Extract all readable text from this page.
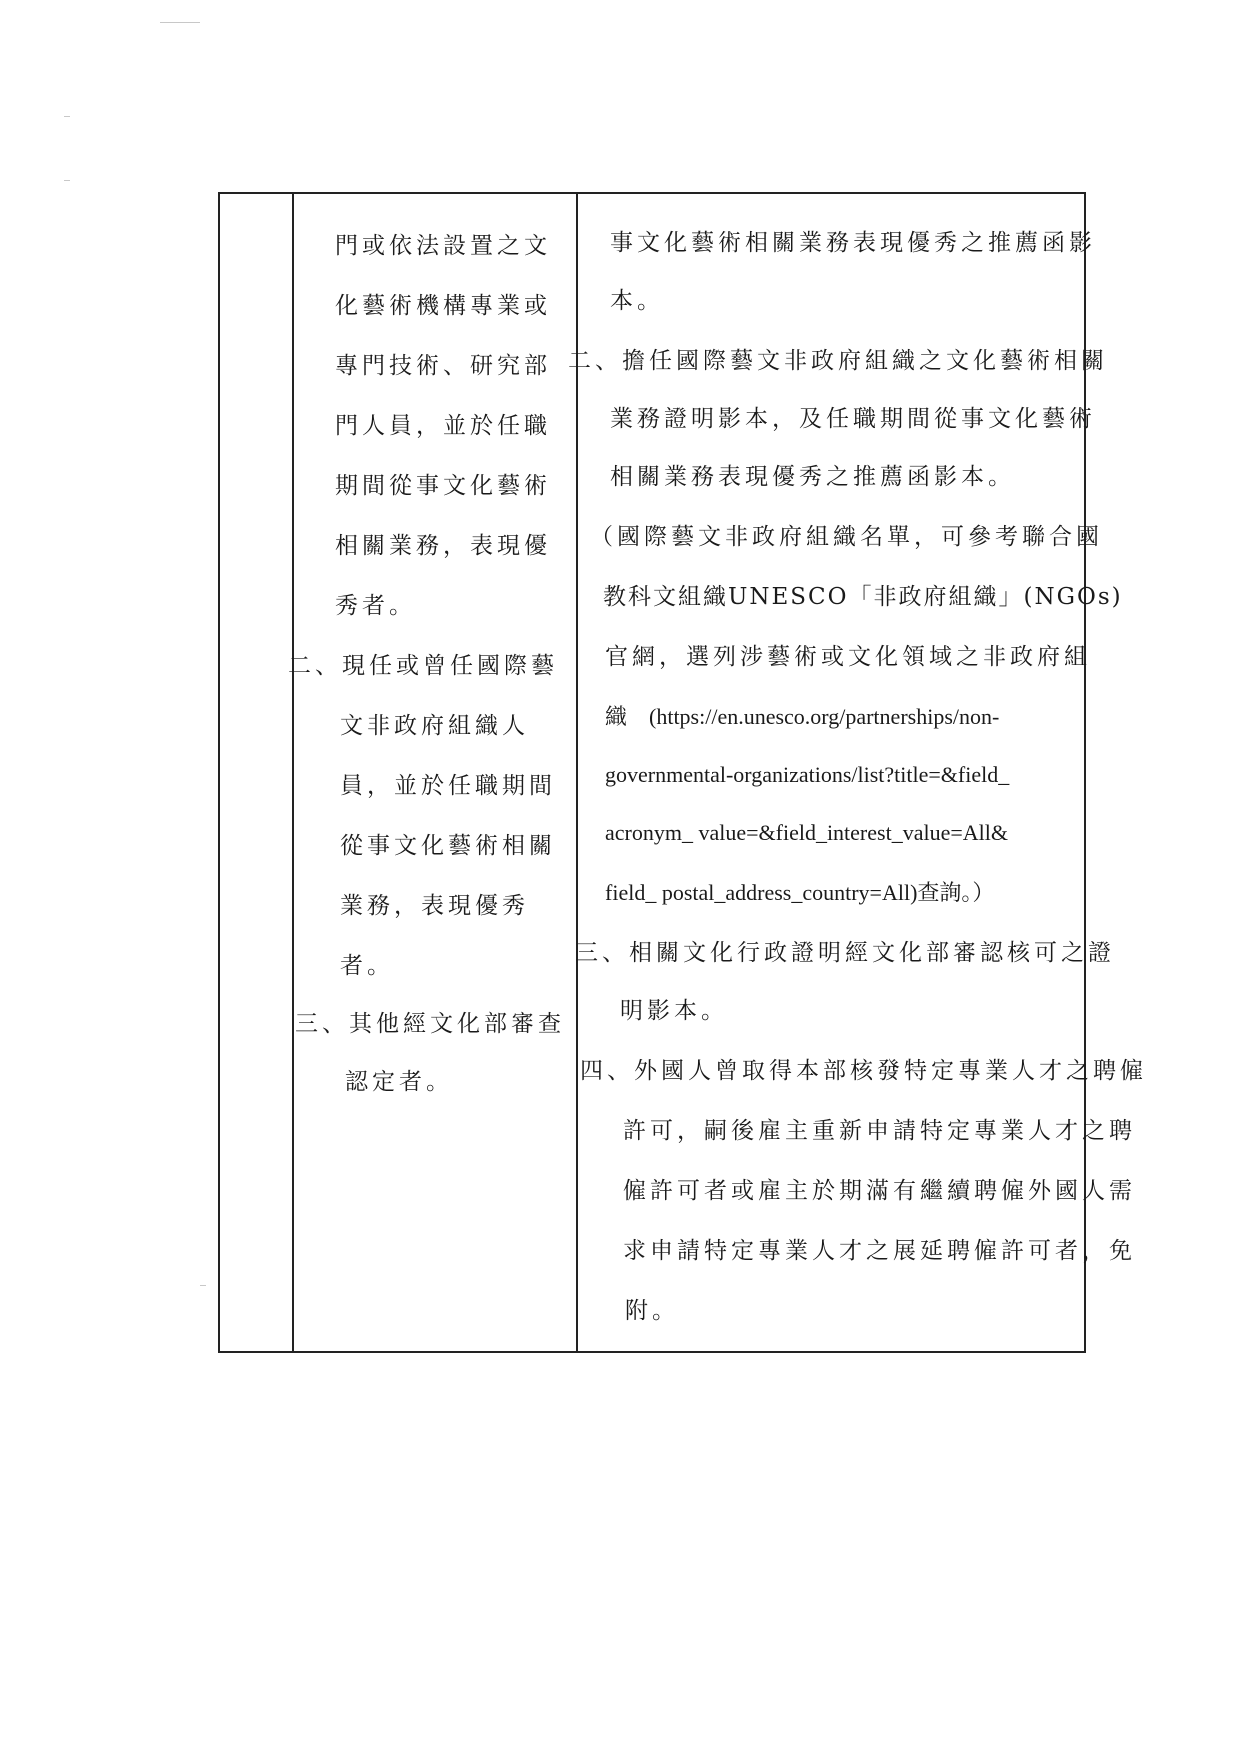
門或依法設置之文
化藝術機構專業或
專門技術、研究部
門人員，並於任職
期間從事文化藝術
相關業務，表現優
秀者。
二、現任或曾任國際藝
文非政府組織人
員，並於任職期間
從事文化藝術相關
業務，表現優秀
者。
三、其他經文化部審查
認定者。
事文化藝術相關業務表現優秀之推薦函影
本。
二、擔任國際藝文非政府組織之文化藝術相關
業務證明影本，及任職期間從事文化藝術
相關業務表現優秀之推薦函影本。
（國際藝文非政府組織名單，可參考聯合國
教科文組織UNESCO「非政府組織」(NGOs)
官網，選列涉藝術或文化領域之非政府組
織　(https://en.unesco.org/partnerships/non-
governmental-organizations/list?title=&field_
acronym_ value=&field_interest_value=All&
field_ postal_address_country=All)查詢。）
三、相關文化行政證明經文化部審認核可之證
明影本。
四、外國人曾取得本部核發特定專業人才之聘僱
許可，嗣後雇主重新申請特定專業人才之聘
僱許可者或雇主於期滿有繼續聘僱外國人需
求申請特定專業人才之展延聘僱許可者，免
附。
